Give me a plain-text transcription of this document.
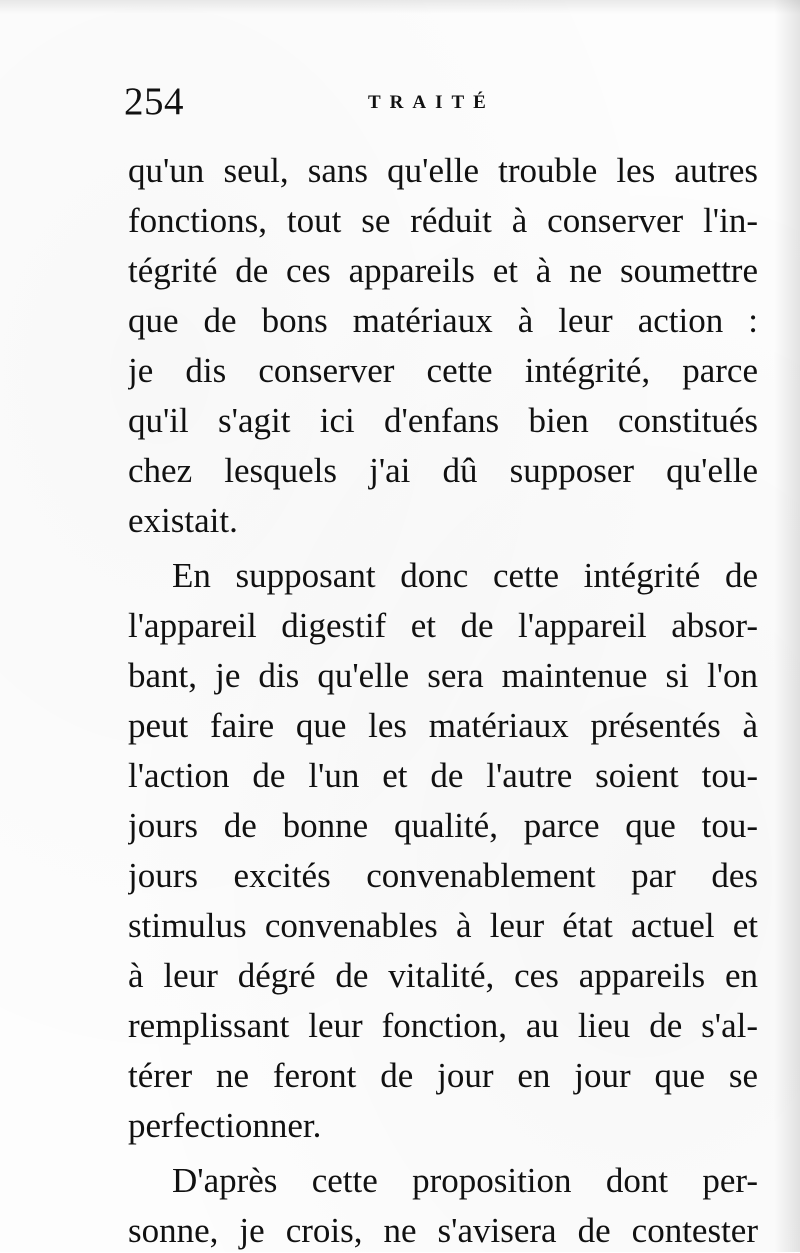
254	TRAITÉ
qu'un seul, sans qu'elle trouble les autres
fonctions, tout se réduit à conserver l'in-
tégrité de ces appareils et à ne soumettre
que de bons matériaux à leur action :
je dis conserver cette intégrité, parce
qu'il s'agit ici d'enfans bien constitués
chez lesquels j'ai dû supposer qu'elle
existait.
En supposant donc cette intégrité de
l'appareil digestif et de l'appareil absor-
bant, je dis qu'elle sera maintenue si l'on
peut faire que les matériaux présentés à
l'action de l'un et de l'autre soient tou-
jours de bonne qualité, parce que tou-
jours excités convenablement par des
stimulus convenables à leur état actuel et
à leur dégré de vitalité, ces appareils en
remplissant leur fonction, au lieu de s'al-
térer ne feront de jour en jour que se
perfectionner.
D'après cette proposition dont per-
sonne, je crois, ne s'avisera de contester
